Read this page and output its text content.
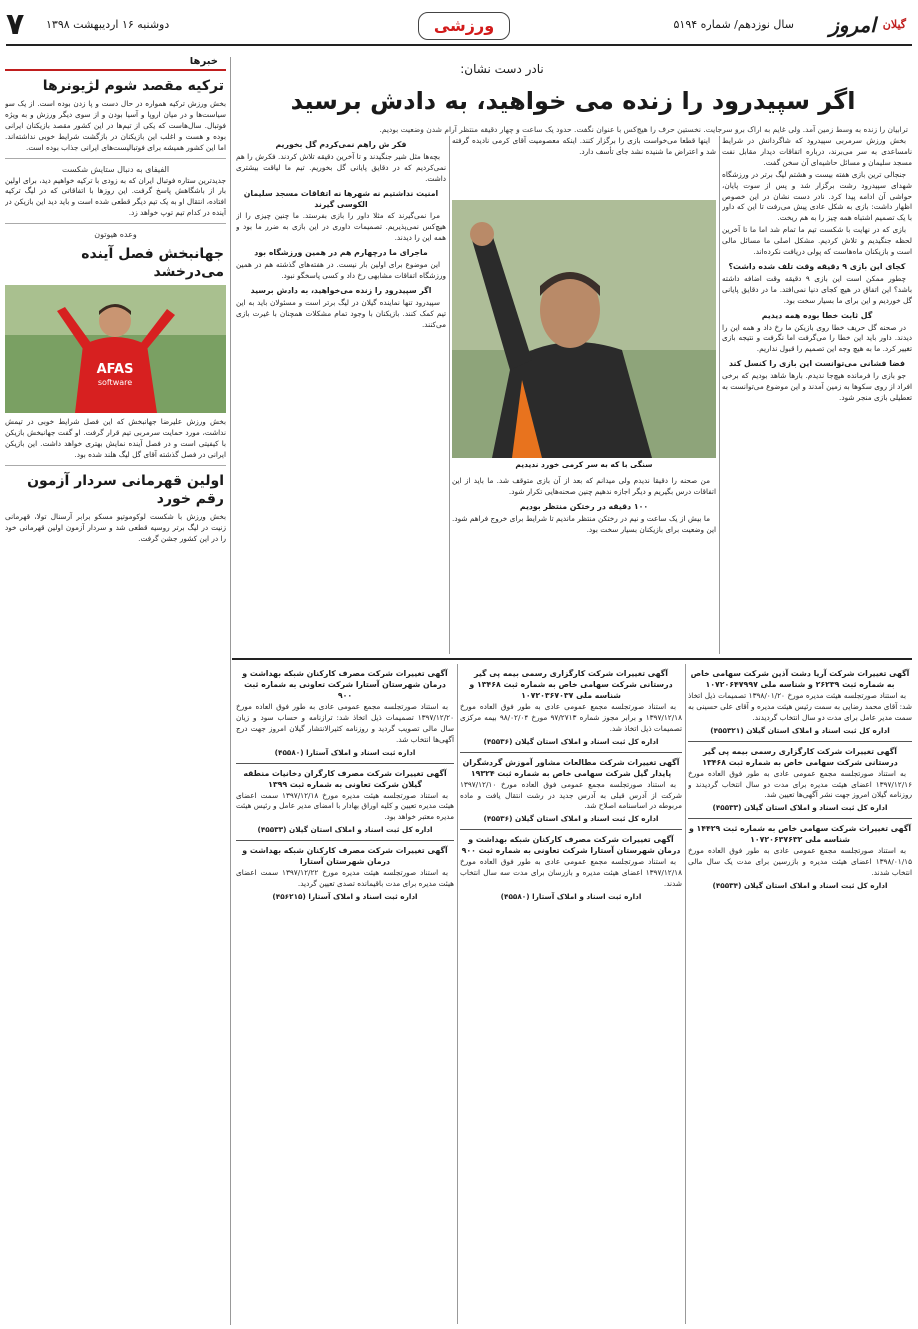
۷ دوشنبه ۱۶ اردیبهشت ۱۳۹۸	ورزشی	سال نوزدهم/ شماره ۵۱۹۴	$^{گیلان}$ امروز
خبرها
ترکیه مقصد شوم لژیونرها
بخش ورزش ترکیه همواره در حال دست و پا زدن بوده است. از یک سو سیاست‌ها و در میان اروپا و آسیا بودن و از سوی دیگر ورزش و به ویژه فوتبال. سال‌هاست که یکی از تیم‌ها در این کشور مقصد بازیکنان ایرانی بوده و هست و اغلب این بازیکنان در بازگشت شرایط خوبی نداشته‌اند. اما این کشور همیشه برای فوتبالیست‌های ایرانی جذاب بوده است.
الفیفای به دنبال ستایش شکست
جدیدترین ستاره فوتبال ایران که به زودی با ترکیه خواهیم دید، برای اولین بار از باشگاهش پاسخ گرفت. این روزها با اتفاقاتی که در لیگ ترکیه افتاده، انتقال او به یک تیم دیگر قطعی شده است و باید دید این بازیکن در آینده در کدام تیم توپ خواهد زد.
وعده هیوتون
جهانبخش فصل آینده می‌درخشد
AFAS
software
بخش ورزش علیرضا جهانبخش که این فصل شرایط خوبی در تیمش نداشت، مورد حمایت سرمربی تیم قرار گرفت. او گفت جهانبخش بازیکن با کیفیتی است و در فصل آینده نمایش بهتری خواهد داشت. این بازیکن ایرانی در فصل گذشته آقای گل لیگ هلند شده بود.
اولین قهرمانی سردار آزمون رقم خورد
بخش ورزش با شکست لوکوموتیو مسکو برابر آرسنال تولا، قهرمانی زنیت در لیگ برتر روسیه قطعی شد و سردار آزمون اولین قهرمانی خود را در این کشور جشن گرفت.
نادر دست نشان:
اگر سپیدرود را زنده می خواهید، به دادش برسید
ترابیان را زنده به وسط زمین آمد. ولی غایم به اراک برو سرجایت. نخستین حرف را هیچ‌کس با عنوان نگفت. حدود یک ساعت و چهار دقیقه منتظر آرام شدن وضعیت بودیم.

بخش ورزش سرمربی سپیدرود که شاگردانش در شرایط نامساعدی به سر می‌برند، درباره اتفاقات دیدار مقابل نفت مسجد سلیمان و مسائل حاشیه‌ای آن سخن گفت.

جنجالی ترین بازی هفته بیست و هشتم لیگ برتر در ورزشگاه شهدای سپیدرود رشت برگزار شد و پس از سوت پایان، حواشی آن ادامه پیدا کرد. نادر دست نشان در این خصوص اظهار داشت: بازی به شکل عادی پیش می‌رفت تا این که داور با یک تصمیم اشتباه همه چیز را به هم ریخت.

بازی که در نهایت با شکست تیم ما تمام شد اما ما تا آخرین لحظه جنگیدیم و تلاش کردیم. مشکل اصلی ما مسائل مالی است و بازیکنان ماه‌هاست که پولی دریافت نکرده‌اند.

کجای این بازی ۹ دقیقه وقت تلف شده داشت؟

چطور ممکن است این بازی ۹ دقیقه وقت اضافه داشته باشد؟ این اتفاق در هیچ کجای دنیا نمی‌افتد. ما در دقایق پایانی گل خوردیم و این برای ما بسیار سخت بود.

گل ثابت خطا بوده همه دیدیم

در صحنه گل حریف خطا روی بازیکن ما رخ داد و همه این را دیدند. داور باید این خطا را می‌گرفت اما نگرفت و نتیجه بازی تغییر کرد. ما به هیچ وجه این تصمیم را قبول نداریم.

فضا فشانی می‌توانست این بازی را کنسل کند

جو بازی را فرمانده هیچ‌جا ندیدم. بارها شاهد بودیم که برخی افراد از روی سکوها به زمین آمدند و این موضوع می‌توانست به تعطیلی بازی منجر شود.

اینها قطعا می‌خواست بازی را برگزار کنند. اینکه معصومیت آقای کرمی نادیده گرفته شد و اعتراض ما شنیده نشد جای تأسف دارد.

سنگی با که به سر کرمی خورد ندیدیم

من صحنه را دقیقا ندیدم ولی میدانم که بعد از آن بازی متوقف شد. ما باید از این اتفاقات درس بگیریم و دیگر اجازه ندهیم چنین صحنه‌هایی تکرار شود.

۱۰۰ دقیقه در رختکن منتظر بودیم

ما بیش از یک ساعت و نیم در رختکن منتظر ماندیم تا شرایط برای خروج فراهم شود. این وضعیت برای بازیکنان بسیار سخت بود.

فکر ش راهم نمی‌کردم گل بخوریم

بچه‌ها مثل شیر جنگیدند و تا آخرین دقیقه تلاش کردند. فکرش را هم نمی‌کردیم که در دقایق پایانی گل بخوریم. تیم ما لیاقت بیشتری داشت.

امنیت نداشتیم نه شهرها نه اتفاقات مسجد سلیمان الکوسی گیرند

مرا نمی‌گیرند که مثلا داور را بازی بفرستد. ما چنین چیزی را از هیچ‌کس نمی‌پذیریم. تصمیمات داوری در این بازی به ضرر ما بود و همه این را دیدند.

ماجرای ما درچهارم هم در همین ورزشگاه بود

این موضوع برای اولین بار نیست. در هفته‌های گذشته هم در همین ورزشگاه اتفاقات مشابهی رخ داد و کسی پاسخگو نبود.

اگر سپیدرود را زنده می‌خواهید، به دادش برسید

سپیدرود تنها نماینده گیلان در لیگ برتر است و مسئولان باید به این تیم کمک کنند. بازیکنان با وجود تمام مشکلات همچنان با غیرت بازی می‌کنند.

آگهی تغییرات شرکت آریا دشت آذین شرکت سهامی خاص به شماره ثبت ۲۶۲۳۹ و شناسه ملی ۱۰۷۲۰۶۴۷۹۹۷

به استناد صورتجلسه هیئت مدیره مورخ ۱۳۹۸/۰۱/۲۰ تصمیمات ذیل اتخاذ شد: آقای محمد رضایی به سمت رئیس هیئت مدیره و آقای علی حسینی به سمت مدیر عامل برای مدت دو سال انتخاب گردیدند.

اداره کل ثبت اسناد و املاک استان گیلان (۴۵۵۳۲۱)

آگهی تغییرات شرکت کارگزاری رسمی بیمه پی گیر درستانی شرکت سهامی خاص به شماره ثبت ۱۳۴۶۸

به استناد صورتجلسه مجمع عمومی عادی به طور فوق العاده مورخ ۱۳۹۷/۱۲/۱۶ اعضای هیئت مدیره برای مدت دو سال انتخاب گردیدند و روزنامه گیلان امروز جهت نشر آگهی‌ها تعیین شد.

اداره کل ثبت اسناد و املاک استان گیلان (۴۵۵۳۳)

آگهی تغییرات شرکت سهامی خاص به شماره ثبت ۱۴۴۲۹ و شناسه ملی ۱۰۷۲۰۶۳۷۶۳۲

به استناد صورتجلسه مجمع عمومی عادی به طور فوق العاده مورخ ۱۳۹۸/۰۱/۱۵ اعضای هیئت مدیره و بازرسین برای مدت یک سال مالی انتخاب شدند.

اداره کل ثبت اسناد و املاک استان گیلان (۴۵۵۳۴)

آگهی تغییرات شرکت کارگزاری رسمی بیمه پی گیر درستانی شرکت سهامی خاص به شماره ثبت ۱۳۴۶۸ و شناسه ملی ۱۰۷۲۰۳۶۷۰۳۷

به استناد صورتجلسه مجمع عمومی عادی به طور فوق العاده مورخ ۱۳۹۷/۱۲/۱۸ و برابر مجوز شماره ۹۷/۲۷۱۳ مورخ ۹۸/۰۲/۰۴ بیمه مرکزی تصمیمات ذیل اتخاذ شد.

اداره کل ثبت اسناد و املاک استان گیلان (۴۵۵۳۶)

آگهی تغییرات شرکت مطالعات مشاور آموزش گردشگران پایدار گیل شرکت سهامی خاص به شماره ثبت ۱۹۳۲۴

به استناد صورتجلسه مجمع عمومی فوق العاده مورخ ۱۳۹۷/۱۲/۱۰ شرکت از آدرس قبلی به آدرس جدید در رشت انتقال یافت و ماده مربوطه در اساسنامه اصلاح شد.

اداره کل ثبت اسناد و املاک استان گیلان (۴۵۵۳۶)

آگهی تغییرات شرکت مصرف کارکنان شبکه بهداشت و درمان شهرستان آستارا شرکت تعاونی به شماره ثبت ۹۰۰

به استناد صورتجلسه مجمع عمومی عادی به طور فوق العاده مورخ ۱۳۹۷/۱۲/۱۸ اعضای هیئت مدیره و بازرسان برای مدت سه سال انتخاب شدند.

اداره ثبت اسناد و املاک آستارا (۴۵۵۸۰)

آگهی تغییرات شرکت مصرف کارکنان شبکه بهداشت و درمان شهرستان آستارا شرکت تعاونی به شماره ثبت ۹۰۰

به استناد صورتجلسه مجمع عمومی عادی به طور فوق العاده مورخ ۱۳۹۷/۱۲/۲۰ تصمیمات ذیل اتخاذ شد: ترازنامه و حساب سود و زیان سال مالی تصویب گردید و روزنامه کثیرالانتشار گیلان امروز جهت درج آگهی‌ها انتخاب شد.

اداره ثبت اسناد و املاک آستارا (۴۵۵۸۰)

آگهی تغییرات شرکت مصرف کارگران دخانیات منطقه گیلان شرکت تعاونی به شماره ثبت ۱۳۹۹

به استناد صورتجلسه هیئت مدیره مورخ ۱۳۹۷/۱۲/۱۸ سمت اعضای هیئت مدیره تعیین و کلیه اوراق بهادار با امضای مدیر عامل و رئیس هیئت مدیره معتبر خواهد بود.

اداره کل ثبت اسناد و املاک استان گیلان (۴۵۵۳۳)

آگهی تغییرات شرکت مصرف کارکنان شبکه بهداشت و درمان شهرستان آستارا

به استناد صورتجلسه هیئت مدیره مورخ ۱۳۹۷/۱۲/۲۲ سمت اعضای هیئت مدیره برای مدت باقیمانده تصدی تعیین گردید.

اداره ثبت اسناد و املاک آستارا (۴۵۶۲۱۵)
